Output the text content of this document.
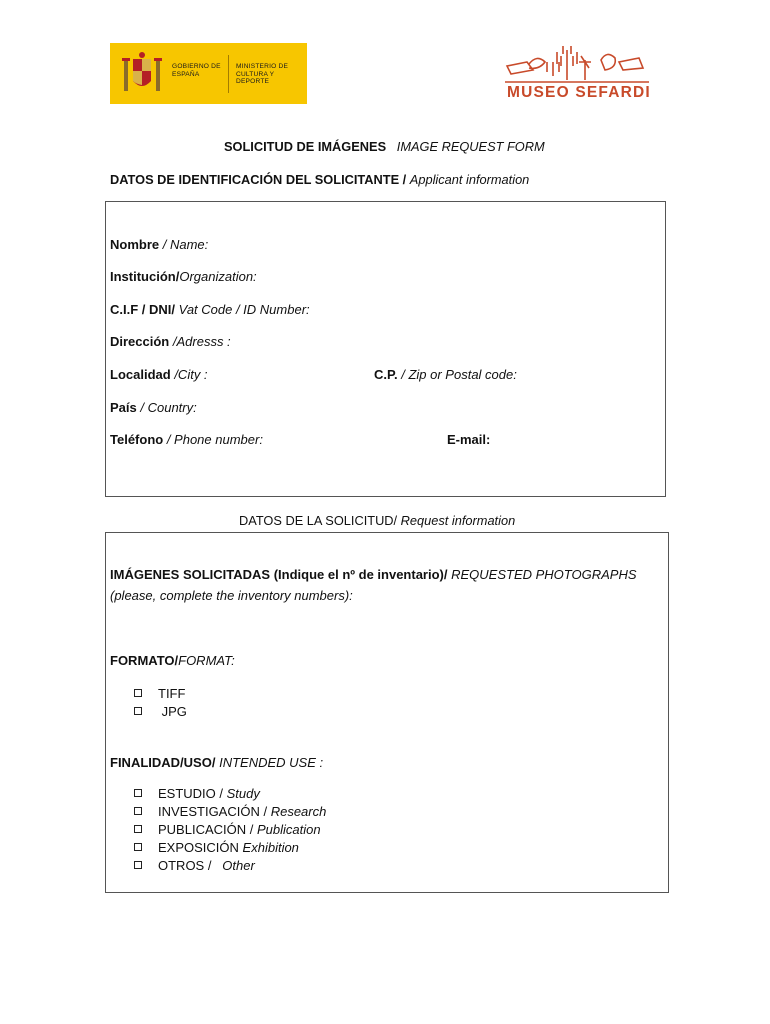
GOBIERNO DE ESPAÑA
MINISTERIO DE CULTURA Y DEPORTE
MUSEO SEFARDI
SOLICITUD DE IMÁGENES IMAGE REQUEST FORM
DATOS DE IDENTIFICACIÓN DEL SOLICITANTE / Applicant information
Nombre / Name:
Institución/Organization:
C.I.F / DNI/ Vat Code / ID Number:
Dirección /Adresss :
Localidad /City :	C.P. / Zip or Postal code:
País / Country:
Teléfono / Phone number:	E-mail:
DATOS DE LA SOLICITUD/ Request information
IMÁGENES SOLICITADAS (Indique el nº de inventario)/ REQUESTED PHOTOGRAPHS
(please, complete the inventory numbers):
FORMATO/FORMAT:
TIFF
JPG
FINALIDAD/USO/ INTENDED USE :
ESTUDIO / Study
INVESTIGACIÓN / Research
PUBLICACIÓN / Publication
EXPOSICIÓN Exhibition
OTROS / Other
